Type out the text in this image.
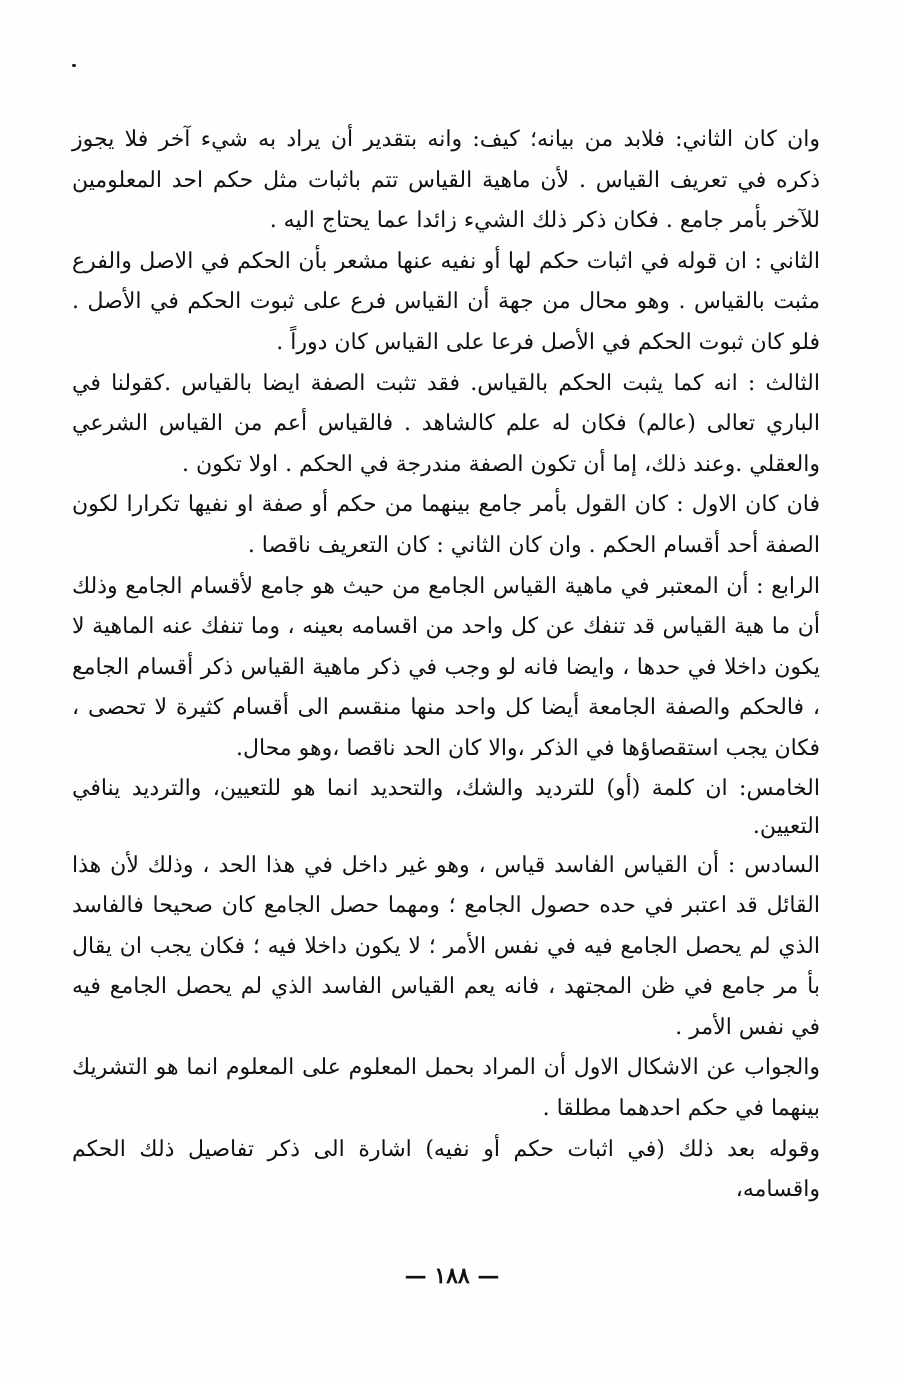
وان كان الثاني: فلابد من بيانه؛ كيف: وانه بتقدير أن يراد به شيء آخر فلا يجوز ذكره في تعريف القياس . لأن ماهية القياس تتم باثبات مثل حكم احد المعلومين للآخر بأمر جامع . فكان ذكر ذلك الشيء زائدا عما يحتاج اليه .

الثاني : ان قوله في اثبات حكم لها أو نفيه عنها مشعر بأن الحكم في الاصل والفرع مثبت بالقياس . وهو محال من جهة أن القياس فرع على ثبوت الحكم في الأصل . فلو كان ثبوت الحكم في الأصل فرعا على القياس كان دوراً .

الثالث : انه كما يثبت الحكم بالقياس. فقد تثبت الصفة ايضا بالقياس .كقولنا في الباري تعالى (عالم) فكان له علم كالشاهد . فالقياس أعم من القياس الشرعي والعقلي .وعند ذلك، إما أن تكون الصفة مندرجة في الحكم . اولا تكون .

فان كان الاول : كان القول بأمر جامع بينهما من حكم أو صفة او نفيها تكرارا لكون الصفة أحد أقسام الحكم . وان كان الثاني : كان التعريف ناقصا .

الرابع : أن المعتبر في ماهية القياس الجامع من حيث هو جامع لأقسام الجامع وذلك أن ما هية القياس قد تنفك عن كل واحد من اقسامه بعينه ، وما تنفك عنه الماهية لا يكون داخلا في حدها ، وايضا فانه لو وجب في ذكر ماهية القياس ذكر أقسام الجامع ، فالحكم والصفة الجامعة أيضا كل واحد منها منقسم الى أقسام كثيرة لا تحصى ، فكان يجب استقصاؤها في الذكر ،والا كان الحد ناقصا ،وهو محال.

الخامس: ان كلمة (أو) للترديد والشك، والتحديد انما هو للتعيين، والترديد ينافي التعيين.

السادس : أن القياس الفاسد قياس ، وهو غير داخل في هذا الحد ، وذلك لأن هذا القائل قد اعتبر في حده حصول الجامع ؛ ومهما حصل الجامع كان صحيحا فالفاسد الذي لم يحصل الجامع فيه في نفس الأمر ؛ لا يكون داخلا فيه ؛ فكان يجب ان يقال بأ مر جامع في ظن المجتهد ، فانه يعم القياس الفاسد الذي لم يحصل الجامع فيه في نفس الأمر .

والجواب عن الاشكال الاول أن المراد بحمل المعلوم على المعلوم انما هو التشريك بينهما في حكم احدهما مطلقا .

وقوله بعد ذلك (في اثبات حكم أو نفيه) اشارة الى ذكر تفاصيل ذلك الحكم واقسامه،

— ١٨٨ —
